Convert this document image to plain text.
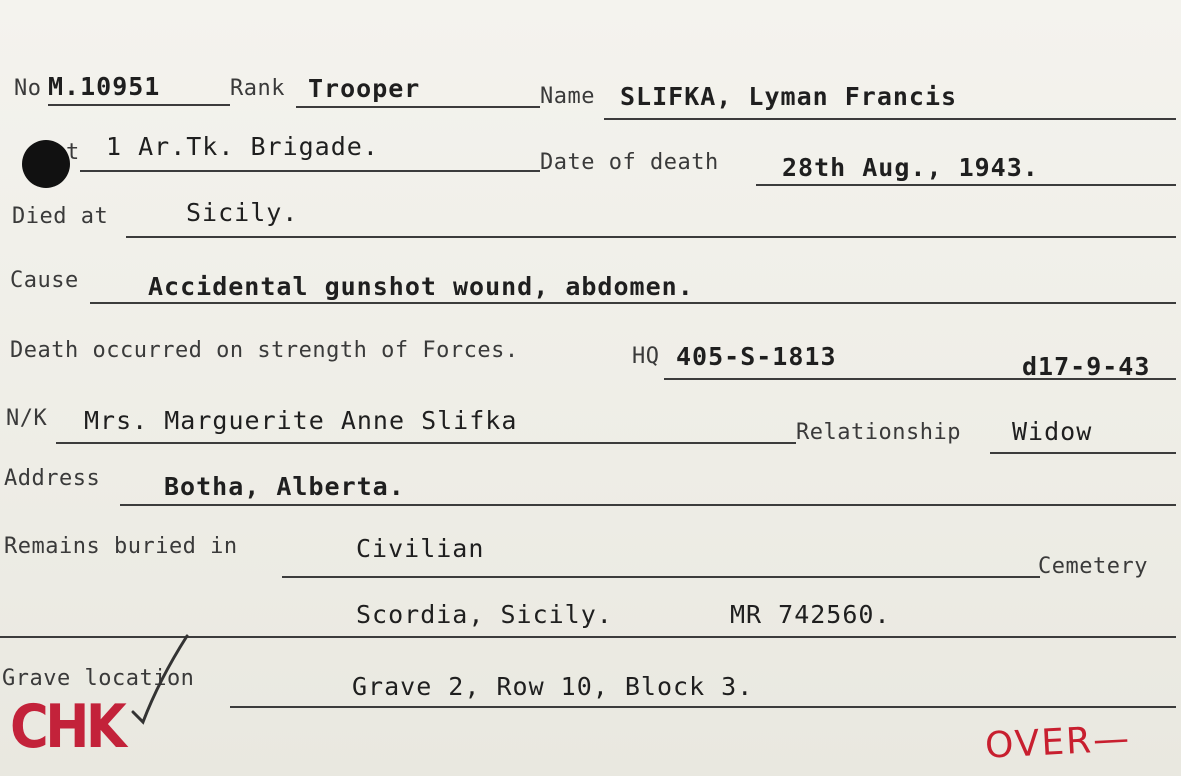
No M.10951	Rank Trooper	Name SLIFKA, Lyman Francis
t 1 Ar.Tk. Brigade.
Date of death	28th Aug., 1943.
Died at	Sicily.
Cause	Accidental gunshot wound, abdomen.
Death occurred on strength of Forces.	HQ 405-S-1813	d17-9-43
N/K Mrs. Marguerite Anne Slifka	Relationship Widow
Address	Botha, Alberta.
Remains buried in	Civilian
Cemetery
Scordia, Sicily.	MR 742560.
Grave location	Grave 2, Row 10, Block 3.
CHK	OVER—
